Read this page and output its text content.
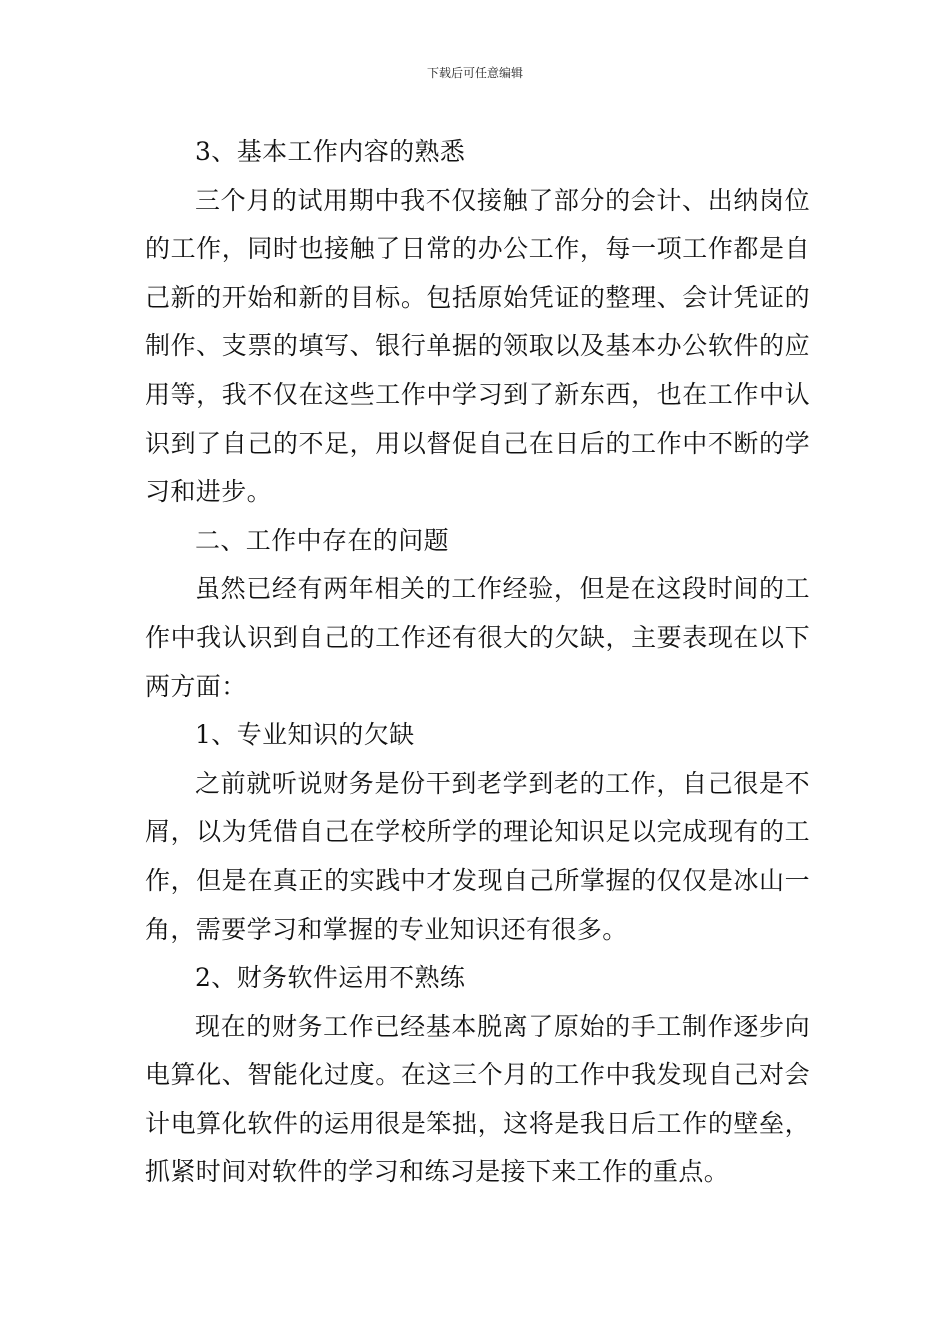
下载后可任意编辑

3、基本工作内容的熟悉

三个月的试用期中我不仅接触了部分的会计、出纳岗位的工作，同时也接触了日常的办公工作，每一项工作都是自己新的开始和新的目标。包括原始凭证的整理、会计凭证的制作、支票的填写、银行单据的领取以及基本办公软件的应用等，我不仅在这些工作中学习到了新东西，也在工作中认识到了自己的不足，用以督促自己在日后的工作中不断的学习和进步。

二、工作中存在的问题

虽然已经有两年相关的工作经验，但是在这段时间的工作中我认识到自己的工作还有很大的欠缺，主要表现在以下两方面：

1、专业知识的欠缺

之前就听说财务是份干到老学到老的工作，自己很是不屑，以为凭借自己在学校所学的理论知识足以完成现有的工作，但是在真正的实践中才发现自己所掌握的仅仅是冰山一角，需要学习和掌握的专业知识还有很多。

2、财务软件运用不熟练

现在的财务工作已经基本脱离了原始的手工制作逐步向电算化、智能化过度。在这三个月的工作中我发现自己对会计电算化软件的运用很是笨拙，这将是我日后工作的壁垒，抓紧时间对软件的学习和练习是接下来工作的重点。
